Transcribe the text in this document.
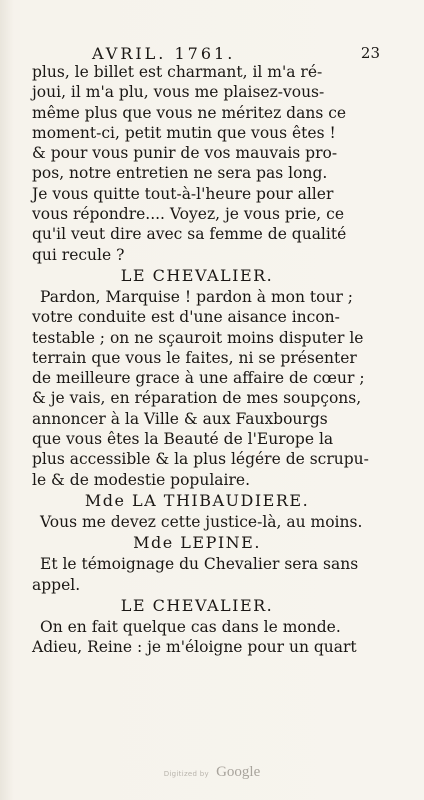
AVRIL. 1761.	23
plus, le billet est charmant, il m'a ré-
joui, il m'a plu, vous me plaisez-vous-
même plus que vous ne méritez dans ce
moment-ci, petit mutin que vous êtes !
& pour vous punir de vos mauvais pro-
pos, notre entretien ne sera pas long.
Je vous quitte tout-à-l'heure pour aller
vous répondre.... Voyez, je vous prie, ce
qu'il veut dire avec sa femme de qualité
qui recule ?
LE CHEVALIER.
Pardon, Marquise ! pardon à mon tour ;
votre conduite est d'une aisance incon-
testable ; on ne sçauroit moins disputer le
terrain que vous le faites, ni se présenter
de meilleure grace à une affaire de cœur ;
& je vais, en réparation de mes soupçons,
annoncer à la Ville & aux Fauxbourgs
que vous êtes la Beauté de l'Europe la
plus accessible & la plus légére de scrupu-
le & de modestie populaire.
Mde LA THIBAUDIERE.
Vous me devez cette justice-là, au moins.
Mde LEPINE.
Et le témoignage du Chevalier sera sans
appel.
LE CHEVALIER.
On en fait quelque cas dans le monde.
Adieu, Reine : je m'éloigne pour un quart
Digitized by Google
